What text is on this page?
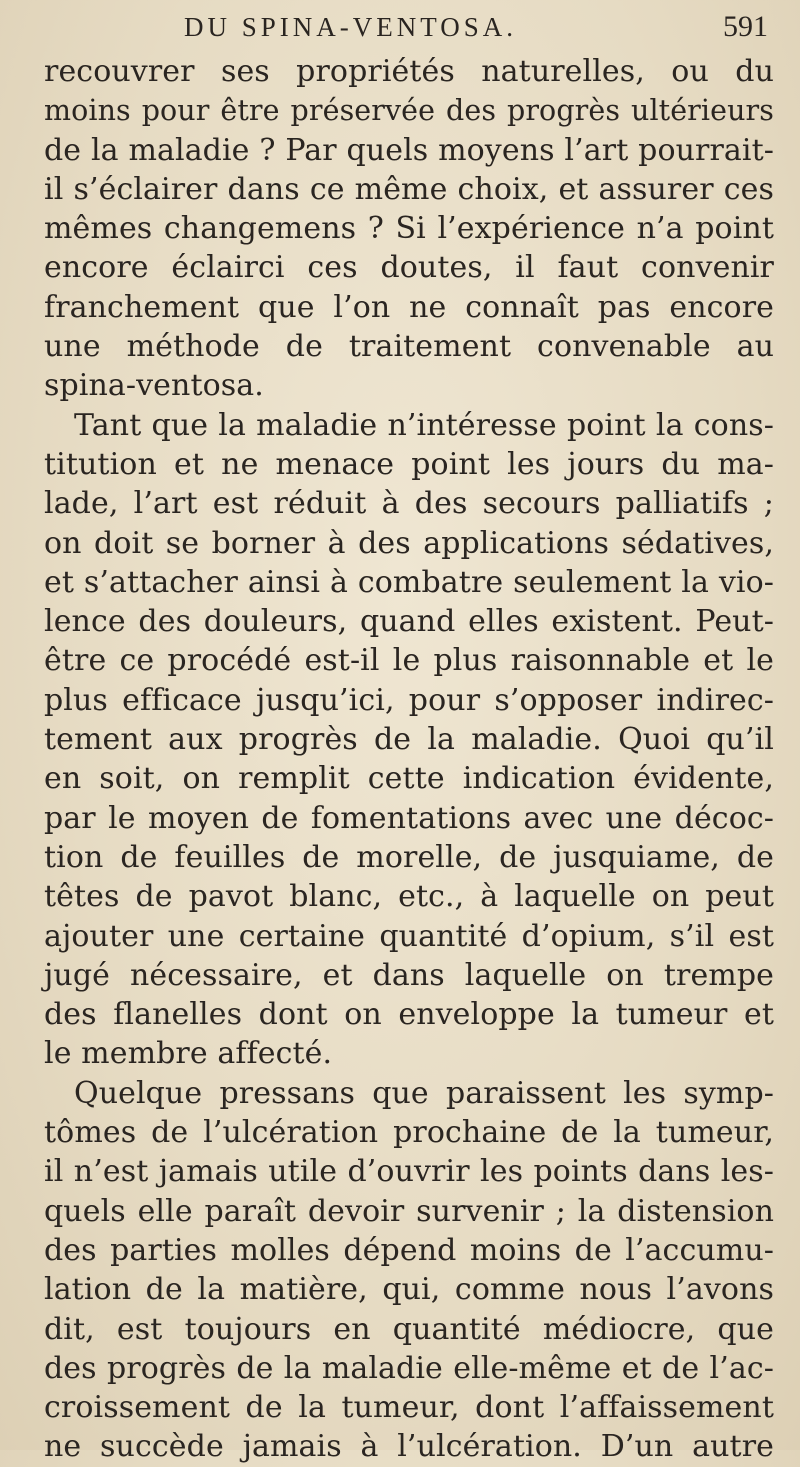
DU SPINA-VENTOSA.	591
recouvrer ses propriétés naturelles, ou du
moins pour être préservée des progrès ultérieurs
de la maladie ? Par quels moyens l’art pourrait-
il s’éclairer dans ce même choix, et assurer ces
mêmes changemens ? Si l’expérience n’a point
encore éclairci ces doutes, il faut convenir
franchement que l’on ne connaît pas encore
une méthode de traitement convenable au
spina-ventosa.
Tant que la maladie n’intéresse point la cons-
titution et ne menace point les jours du ma-
lade, l’art est réduit à des secours palliatifs ;
on doit se borner à des applications sédatives,
et s’attacher ainsi à combatre seulement la vio-
lence des douleurs, quand elles existent. Peut-
être ce procédé est-il le plus raisonnable et le
plus efficace jusqu’ici, pour s’opposer indirec-
tement aux progrès de la maladie. Quoi qu’il
en soit, on remplit cette indication évidente,
par le moyen de fomentations avec une décoc-
tion de feuilles de morelle, de jusquiame, de
têtes de pavot blanc, etc., à laquelle on peut
ajouter une certaine quantité d’opium, s’il est
jugé nécessaire, et dans laquelle on trempe
des flanelles dont on enveloppe la tumeur et
le membre affecté.
Quelque pressans que paraissent les symp-
tômes de l’ulcération prochaine de la tumeur,
il n’est jamais utile d’ouvrir les points dans les-
quels elle paraît devoir survenir ; la distension
des parties molles dépend moins de l’accumu-
lation de la matière, qui, comme nous l’avons
dit, est toujours en quantité médiocre, que
des progrès de la maladie elle-même et de l’ac-
croissement de la tumeur, dont l’affaissement
ne succède jamais à l’ulcération. D’un autre
